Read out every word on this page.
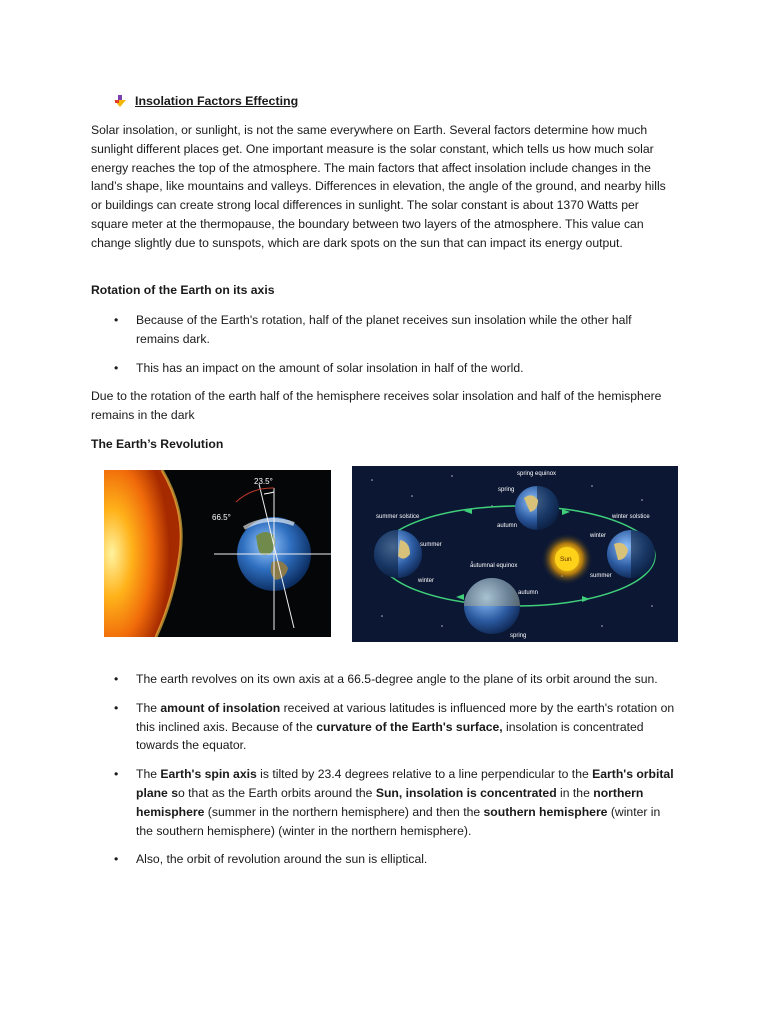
Insolation Factors Effecting

Solar insolation, or sunlight, is not the same everywhere on Earth. Several factors determine how much sunlight different places get. One important measure is the solar constant, which tells us how much solar energy reaches the top of the atmosphere. The main factors that affect insolation include changes in the land’s shape, like mountains and valleys. Differences in elevation, the angle of the ground, and nearby hills or buildings can create strong local differences in sunlight. The solar constant is about 1370 Watts per square meter at the thermopause, the boundary between two layers of the atmosphere. This value can change slightly due to sunspots, which are dark spots on the sun that can impact its energy output.

Rotation of the Earth on its axis

• Because of the Earth's rotation, half of the planet receives sun insolation while the other half remains dark.
• This has an impact on the amount of solar insolation in half of the world.

Due to the rotation of the earth half of the hemisphere receives solar insolation and half of the hemisphere remains in the dark

The Earth’s Revolution

23.5°
66.5°
Sun
spring equinox
spring
autumn
summer solstice	winter solstice
summer
winter
winter
summer
autumnal equinox
autumn
spring
• The earth revolves on its own axis at a 66.5-degree angle to the plane of its orbit around the sun.
• The amount of insolation received at various latitudes is influenced more by the earth's rotation on this inclined axis. Because of the curvature of the Earth's surface, insolation is concentrated towards the equator.
• The Earth's spin axis is tilted by 23.4 degrees relative to a line perpendicular to the Earth's orbital plane so that as the Earth orbits around the Sun, insolation is concentrated in the northern hemisphere (summer in the northern hemisphere) and then the southern hemisphere (winter in the southern hemisphere) (winter in the northern hemisphere).
• Also, the orbit of revolution around the sun is elliptical.
